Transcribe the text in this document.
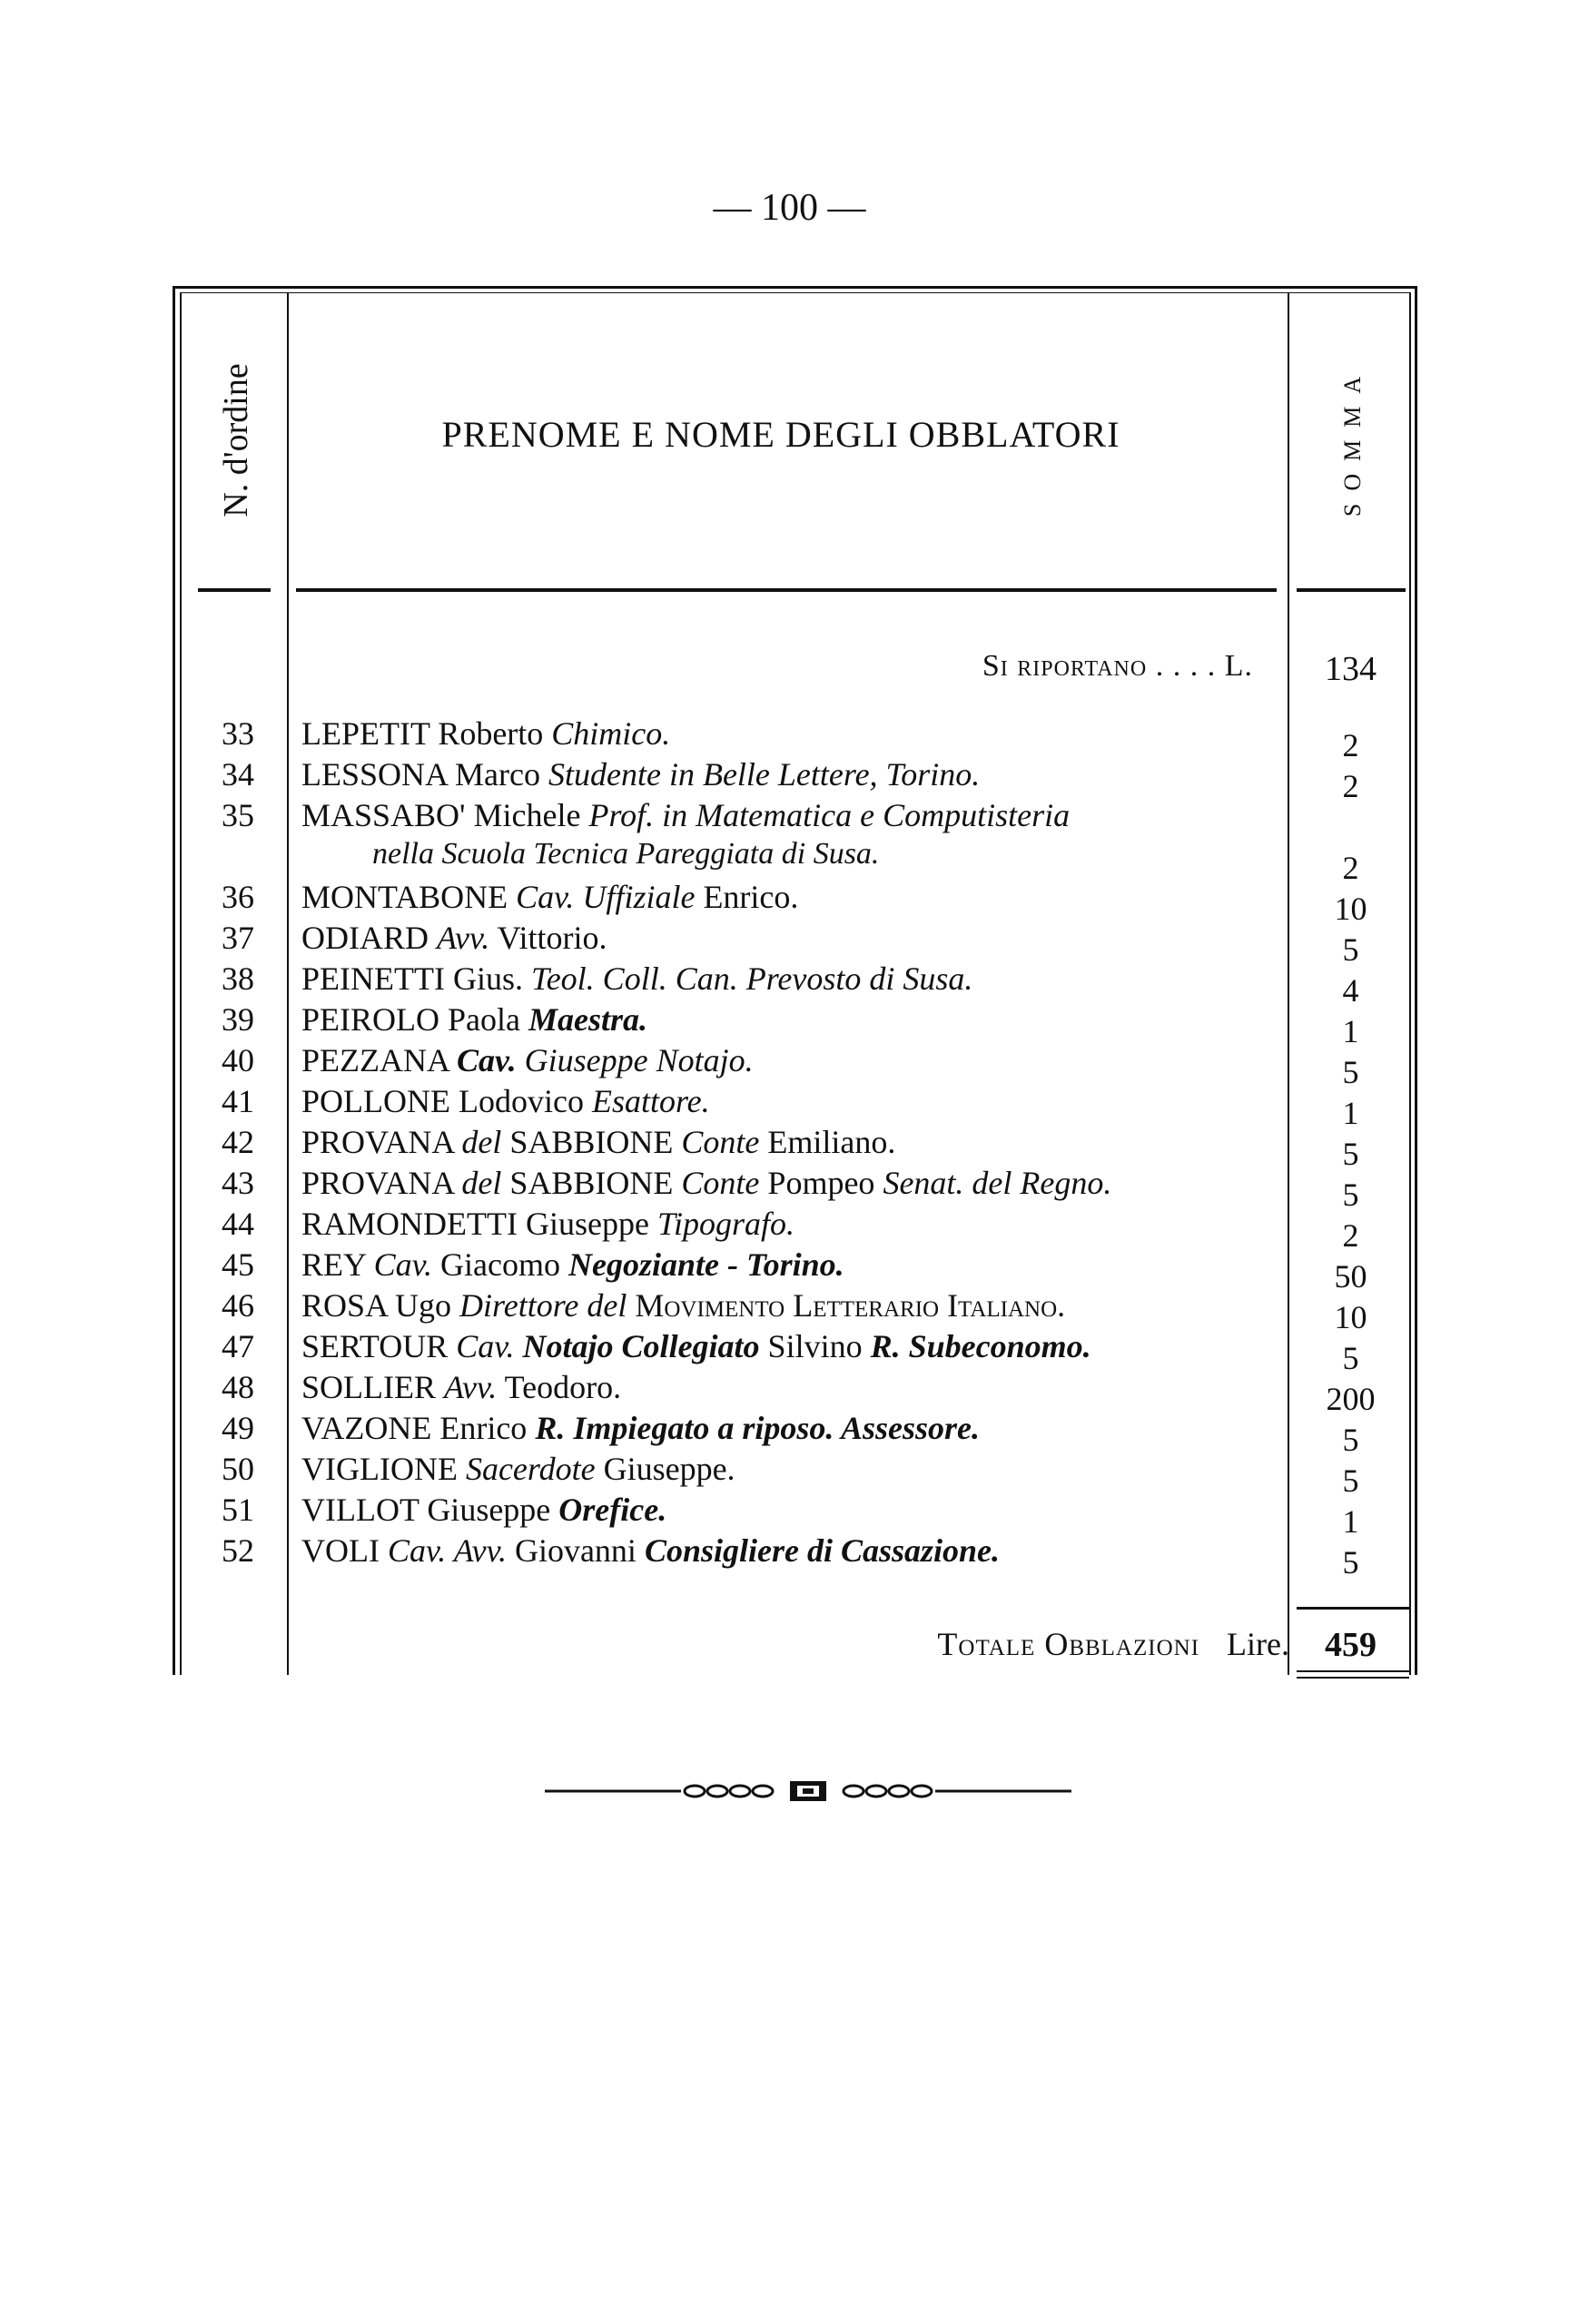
— 100 —
N. d'ordine	PRENOME E NOME DEGLI OBBLATORI	SOMMA
Si riportano . . . . L.	134
33	LEPETIT Roberto Chimico.	2
34	LESSONA Marco Studente in Belle Lettere, Torino.	2
35	MASSABO' Michele Prof. in Matematica e Computisteria
nella Scuola Tecnica Pareggiata di Susa.	2
36	MONTABONE Cav. Uffiziale Enrico.	10
37	ODIARD Avv. Vittorio.	5
38	PEINETTI Gius. Teol. Coll. Can. Prevosto di Susa.	4
39	PEIROLO Paola Maestra.	1
40	PEZZANA Cav. Giuseppe Notajo.	5
41	POLLONE Lodovico Esattore.	1
42	PROVANA del SABBIONE Conte Emiliano.	5
43	PROVANA del SABBIONE Conte Pompeo Senat. del Regno.	5
44	RAMONDETTI Giuseppe Tipografo.	2
45	REY Cav. Giacomo Negoziante - Torino.	50
46	ROSA Ugo Direttore del Movimento Letterario Italiano.	10
47	SERTOUR Cav. Notajo Collegiato Silvino R. Subeconomo.	5
48	SOLLIER Avv. Teodoro.	200
49	VAZONE Enrico R. Impiegato a riposo. Assessore.	5
50	VIGLIONE Sacerdote Giuseppe.	5
51	VILLOT Giuseppe Orefice.	1
52	VOLI Cav. Avv. Giovanni Consigliere di Cassazione.	5
Totale Obblazioni Lire.	459
